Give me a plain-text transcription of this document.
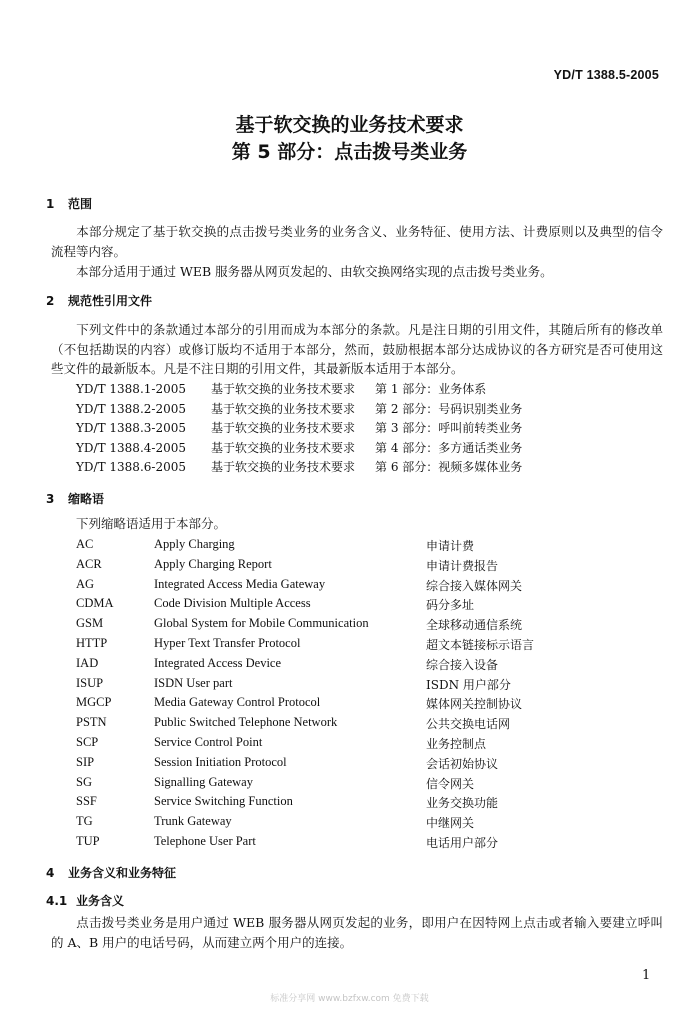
YD/T 1388.5-2005
基于软交换的业务技术要求
第 5 部分：点击拨号类业务
1 范围
本部分规定了基于软交换的点击拨号类业务的业务含义、业务特征、使用方法、计费原则以及典型的信令流程等内容。
本部分适用于通过 WEB 服务器从网页发起的、由软交换网络实现的点击拨号类业务。
2 规范性引用文件
下列文件中的条款通过本部分的引用而成为本部分的条款。凡是注日期的引用文件，其随后所有的修改单（不包括勘误的内容）或修订版均不适用于本部分，然而，鼓励根据本部分达成协议的各方研究是否可使用这些文件的最新版本。凡是不注日期的引用文件，其最新版本适用于本部分。
YD/T 1388.1-2005	基于软交换的业务技术要求	第 1 部分：业务体系
YD/T 1388.2-2005	基于软交换的业务技术要求	第 2 部分：号码识别类业务
YD/T 1388.3-2005	基于软交换的业务技术要求	第 3 部分：呼叫前转类业务
YD/T 1388.4-2005	基于软交换的业务技术要求	第 4 部分：多方通话类业务
YD/T 1388.6-2005	基于软交换的业务技术要求	第 6 部分：视频多媒体业务
3 缩略语
下列缩略语适用于本部分。
AC	Apply Charging	申请计费
ACR	Apply Charging Report	申请计费报告
AG	Integrated Access Media Gateway	综合接入媒体网关
CDMA	Code Division Multiple Access	码分多址
GSM	Global System for Mobile Communication	全球移动通信系统
HTTP	Hyper Text Transfer Protocol	超文本链接标示语言
IAD	Integrated Access Device	综合接入设备
ISUP	ISDN User part	ISDN 用户部分
MGCP	Media Gateway Control Protocol	媒体网关控制协议
PSTN	Public Switched Telephone Network	公共交换电话网
SCP	Service Control Point	业务控制点
SIP	Session Initiation Protocol	会话初始协议
SG	Signalling Gateway	信令网关
SSF	Service Switching Function	业务交换功能
TG	Trunk Gateway	中继网关
TUP	Telephone User Part	电话用户部分
4 业务含义和业务特征
4.1 业务含义
点击拨号类业务是用户通过 WEB 服务器从网页发起的业务，即用户在因特网上点击或者输入要建立呼叫的 A、B 用户的电话号码，从而建立两个用户的连接。
1
标准分享网 www.bzfxw.com 免费下载
